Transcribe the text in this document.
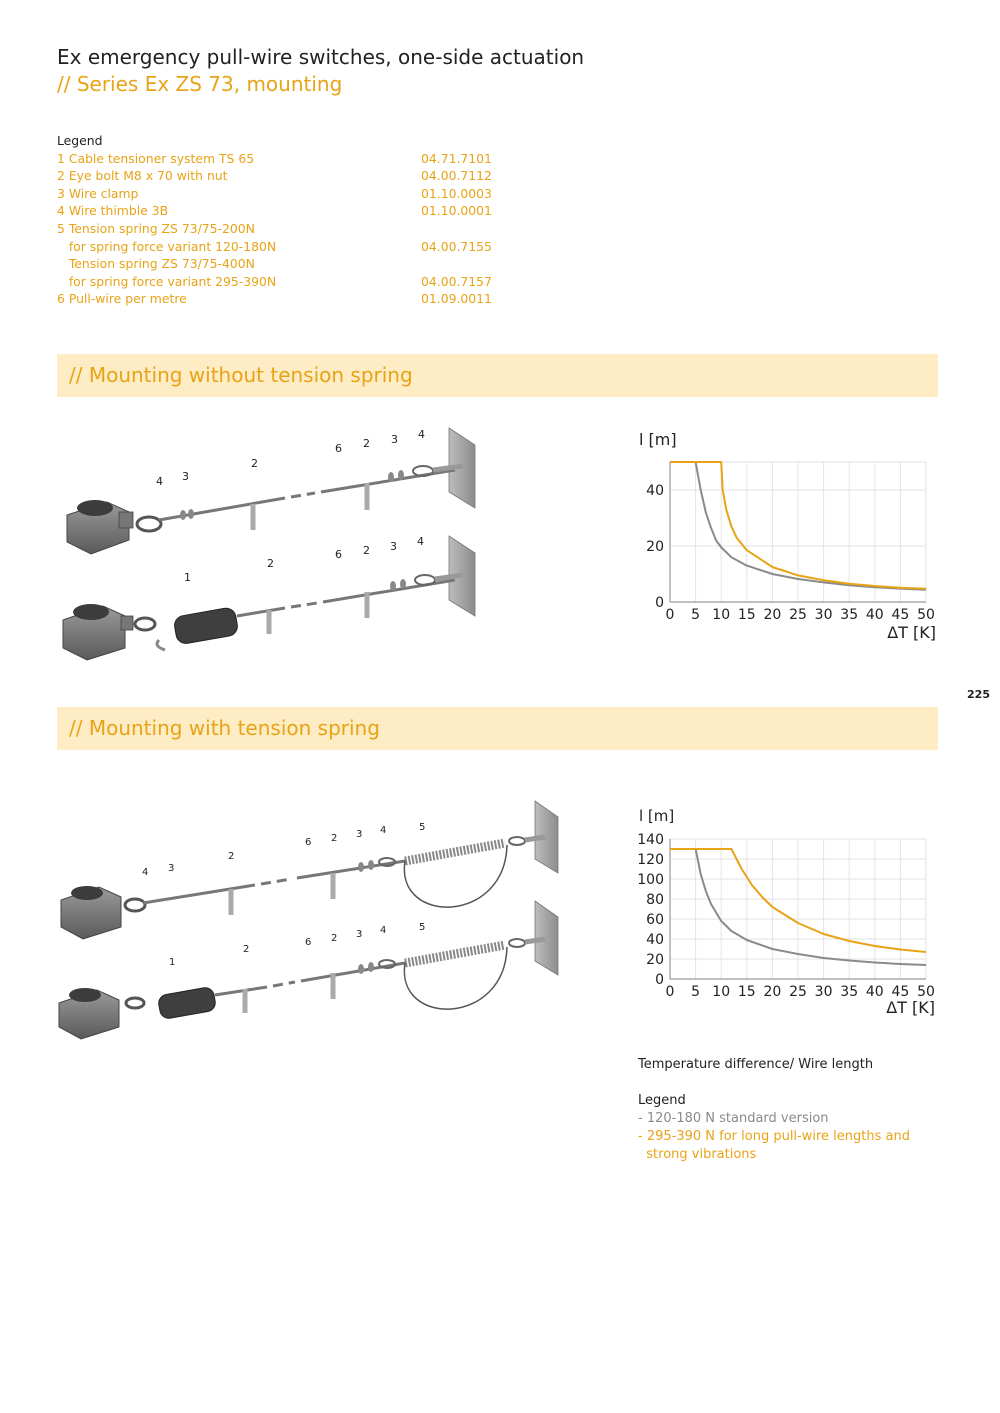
Ex emergency pull-wire switches, one-side actuation
// Series Ex ZS 73, mounting
Legend
1 Cable tensioner system TS 65	04.71.7101
2 Eye bolt M8 x 70 with nut	04.00.7112
3 Wire clamp	01.10.0003
4 Wire thimble 3B	01.10.0001
5 Tension spring ZS 73/75-200N
for spring force variant 120-180N	04.00.7155
Tension spring ZS 73/75-400N
for spring force variant 295-390N	04.00.7157
6 Pull-wire per metre	01.09.0011
// Mounting without tension spring
4 3
2
6 2 3 4
1
2
6 2 3 4
0 5 10 15 20 25 30 35 40 45 50
0
20
40
l [m]
ΔT [K]
225
// Mounting with tension spring
4 3
2
6 2 3 4	5
1
2
6 2 3 4	5
0 5 10 15 20 25 30 35 40 45 50
0
20
40
60
80
100
120
140
l [m]
ΔT [K]
Temperature difference/ Wire length
Legend
- 120-180 N standard version
- 295-390 N for long pull-wire lengths and
strong vibrations
